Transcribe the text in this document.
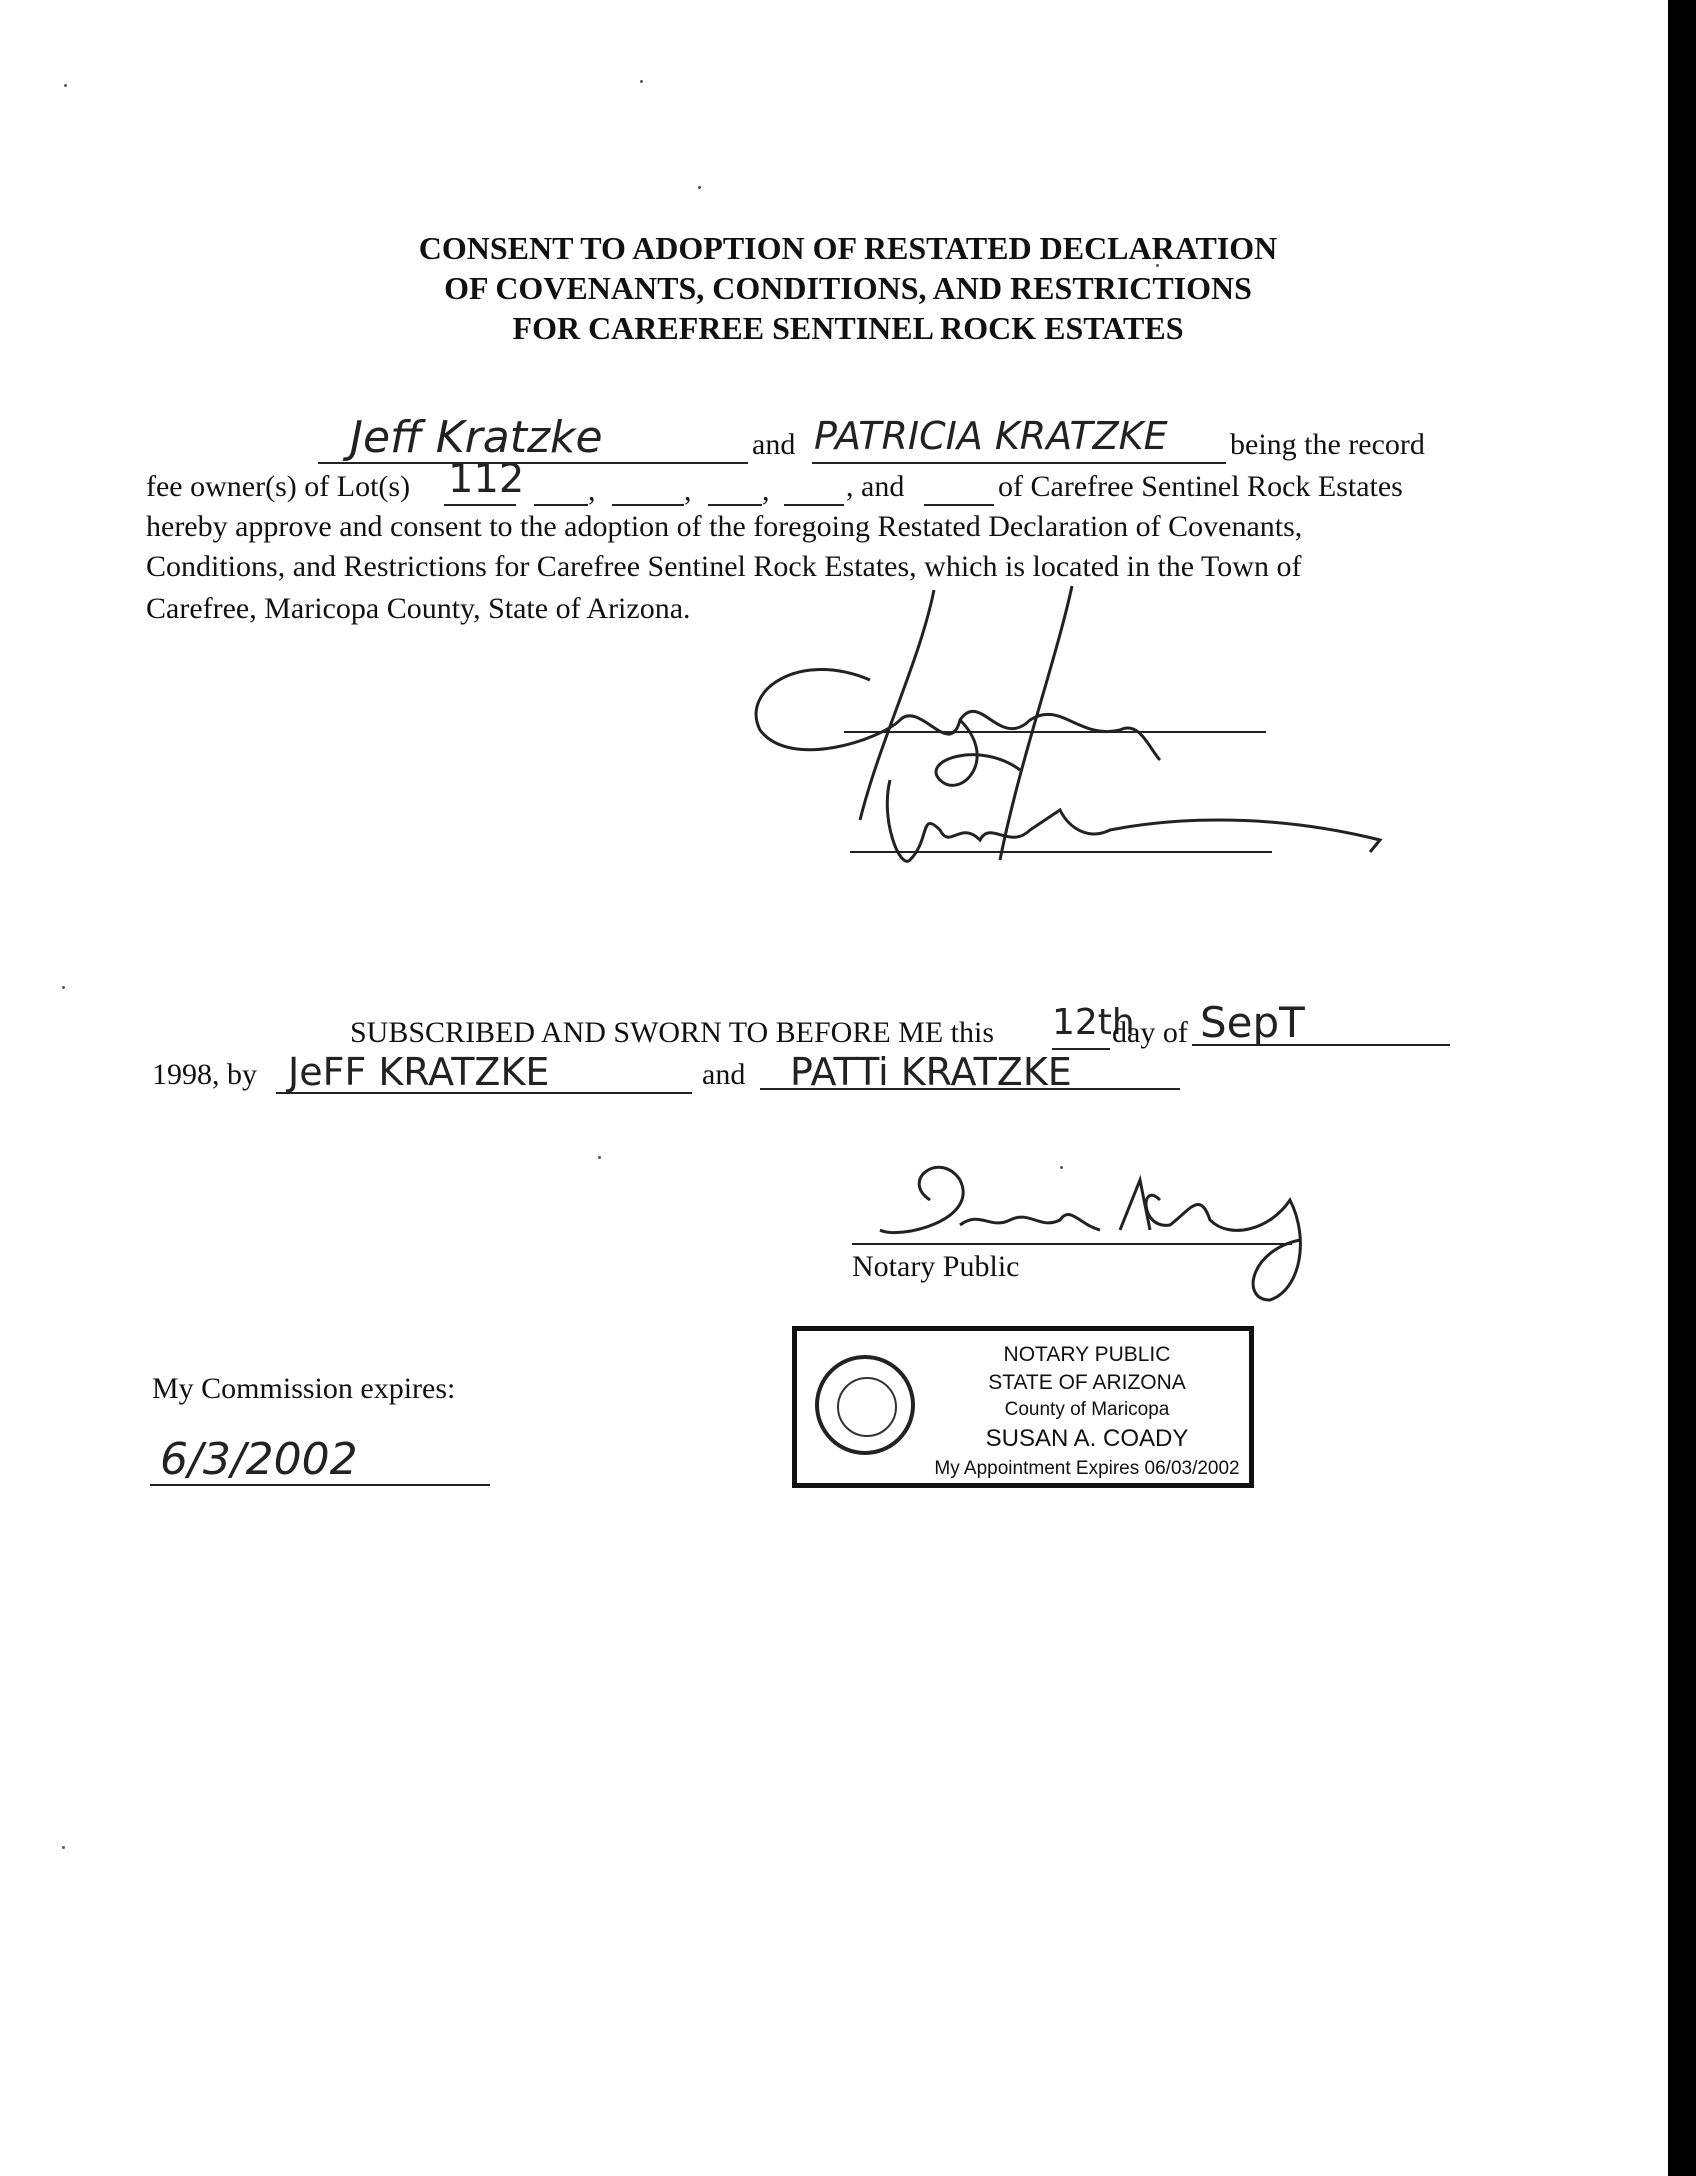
CONSENT TO ADOPTION OF RESTATED DECLARATION
OF COVENANTS, CONDITIONS, AND RESTRICTIONS
FOR CAREFREE SENTINEL ROCK ESTATES
Jeff Kratzke	and PATRICIA KRATZKE being the record
fee owner(s) of Lot(s) 112 ,	, ,	, and	of Carefree Sentinel Rock Estates
hereby approve and consent to the adoption of the foregoing Restated Declaration of Covenants,
Conditions, and Restrictions for Carefree Sentinel Rock Estates, which is located in the Town of
Carefree, Maricopa County, State of Arizona.
SUBSCRIBED AND SWORN TO BEFORE ME this 12th
day of SepT
1998, by JeFF KRATZKE	and PATTi KRATZKE
Notary Public
My Commission expires:
6/3/2002
NOTARY PUBLIC
STATE OF ARIZONA
County of Maricopa
SUSAN A. COADY
My Appointment Expires 06/03/2002
